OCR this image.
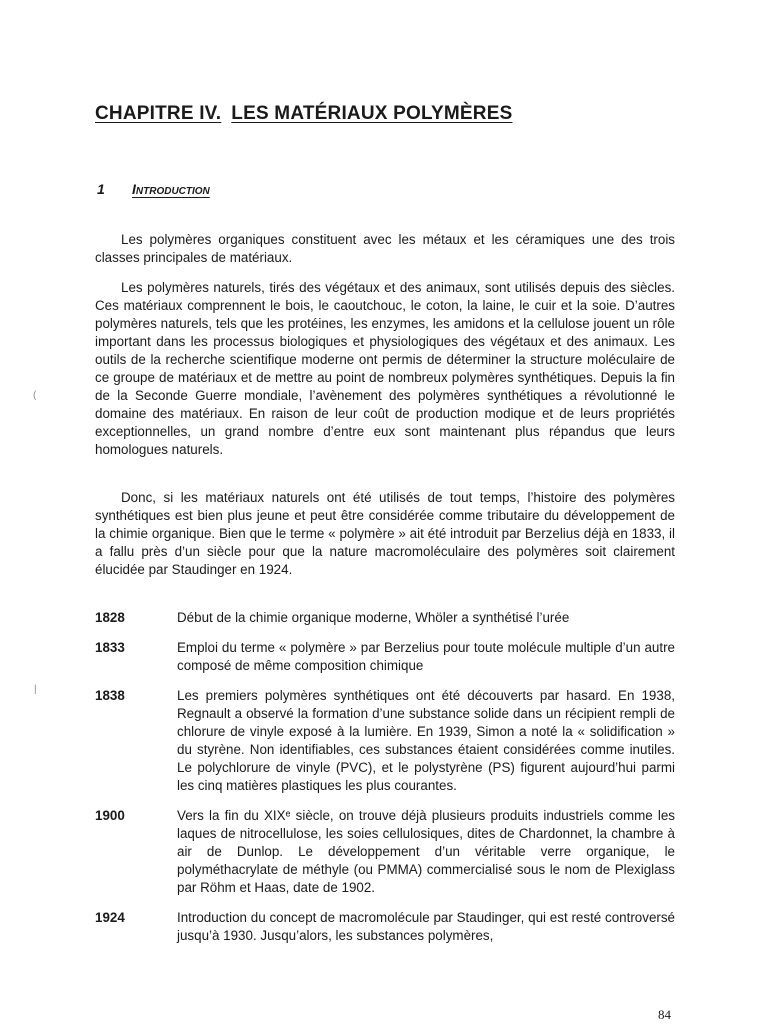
CHAPITRE IV. LES MATÉRIAUX POLYMÈRES
1 Introduction

Les polymères organiques constituent avec les métaux et les céramiques une des trois classes principales de matériaux.

Les polymères naturels, tirés des végétaux et des animaux, sont utilisés depuis des siècles. Ces matériaux comprennent le bois, le caoutchouc, le coton, la laine, le cuir et la soie. D’autres polymères naturels, tels que les protéines, les enzymes, les amidons et la cellulose jouent un rôle important dans les processus biologiques et physiologiques des végétaux et des animaux. Les outils de la recherche scientifique moderne ont permis de déterminer la structure moléculaire de ce groupe de matériaux et de mettre au point de nombreux polymères synthétiques. Depuis la fin de la Seconde Guerre mondiale, l’avènement des polymères synthétiques a révolutionné le domaine des matériaux. En raison de leur coût de production modique et de leurs propriétés exceptionnelles, un grand nombre d’entre eux sont maintenant plus répandus que leurs homologues naturels.

Donc, si les matériaux naturels ont été utilisés de tout temps, l’histoire des polymères synthétiques est bien plus jeune et peut être considérée comme tributaire du développement de la chimie organique. Bien que le terme « polymère » ait été introduit par Berzelius déjà en 1833, il a fallu près d’un siècle pour que la nature macromoléculaire des polymères soit clairement élucidée par Staudinger en 1924.

1828	Début de la chimie organique moderne, Whöler a synthétisé l’urée
1833	Emploi du terme « polymère » par Berzelius pour toute molécule multiple d’un autre composé de même composition chimique
1838	Les premiers polymères synthétiques ont été découverts par hasard. En 1938, Regnault a observé la formation d’une substance solide dans un récipient rempli de chlorure de vinyle exposé à la lumière. En 1939, Simon a noté la « solidification » du styrène. Non identifiables, ces substances étaient considérées comme inutiles. Le polychlorure de vinyle (PVC), et le polystyrène (PS) figurent aujourd’hui parmi les cinq matières plastiques les plus courantes.
1900	Vers la fin du XIXᵉ siècle, on trouve déjà plusieurs produits industriels comme les laques de nitrocellulose, les soies cellulosiques, dites de Chardonnet, la chambre à air de Dunlop. Le développement d’un véritable verre organique, le polyméthacrylate de méthyle (ou PMMA) commercialisé sous le nom de Plexiglass par Röhm et Haas, date de 1902.
1924	Introduction du concept de macromolécule par Staudinger, qui est resté controversé jusqu’à 1930. Jusqu’alors, les substances polymères,
(
|
84
